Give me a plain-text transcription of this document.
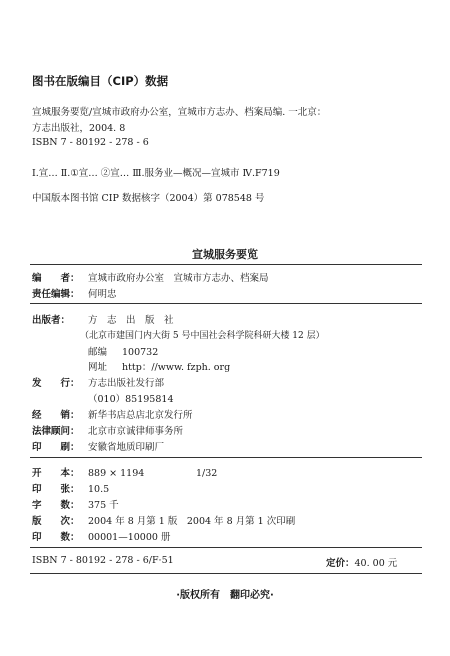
图书在版编目（CIP）数据
宣城服务要览/宣城市政府办公室，宣城市方志办、档案局编. 一北京：
方志出版社，2004. 8
ISBN 7 - 80192 - 278 - 6
Ⅰ.宣… Ⅱ.①宣… ②宣… Ⅲ.服务业—概况—宣城市 Ⅳ.F719
中国版本图书馆 CIP 数据核字（2004）第 078548 号
宣城服务要览
编　　者： 宣城市政府办公室　宣城市方志办、档案局
责任编辑： 何明忠
出版者： 方　志　出　版　社
（北京市建国门内大街 5 号中国社会科学院科研大楼 12 层）
邮编 100732
网址 http：//www. fzph. org
发　　行： 方志出版社发行部
（010）85195814
经　　销： 新华书店总店北京发行所
法律顾问： 北京市京诚律师事务所
印　　刷： 安徽省地质印刷厂
开　　本： 889 × 1194	1/32
印　　张： 10.5
字　　数： 375 千
版　　次： 2004 年 8 月第 1 版　2004 年 8 月第 1 次印刷
印　　数： 00001—10000 册
ISBN 7 - 80192 - 278 - 6/F·51	定价：40. 00 元
·版权所有　翻印必究·
